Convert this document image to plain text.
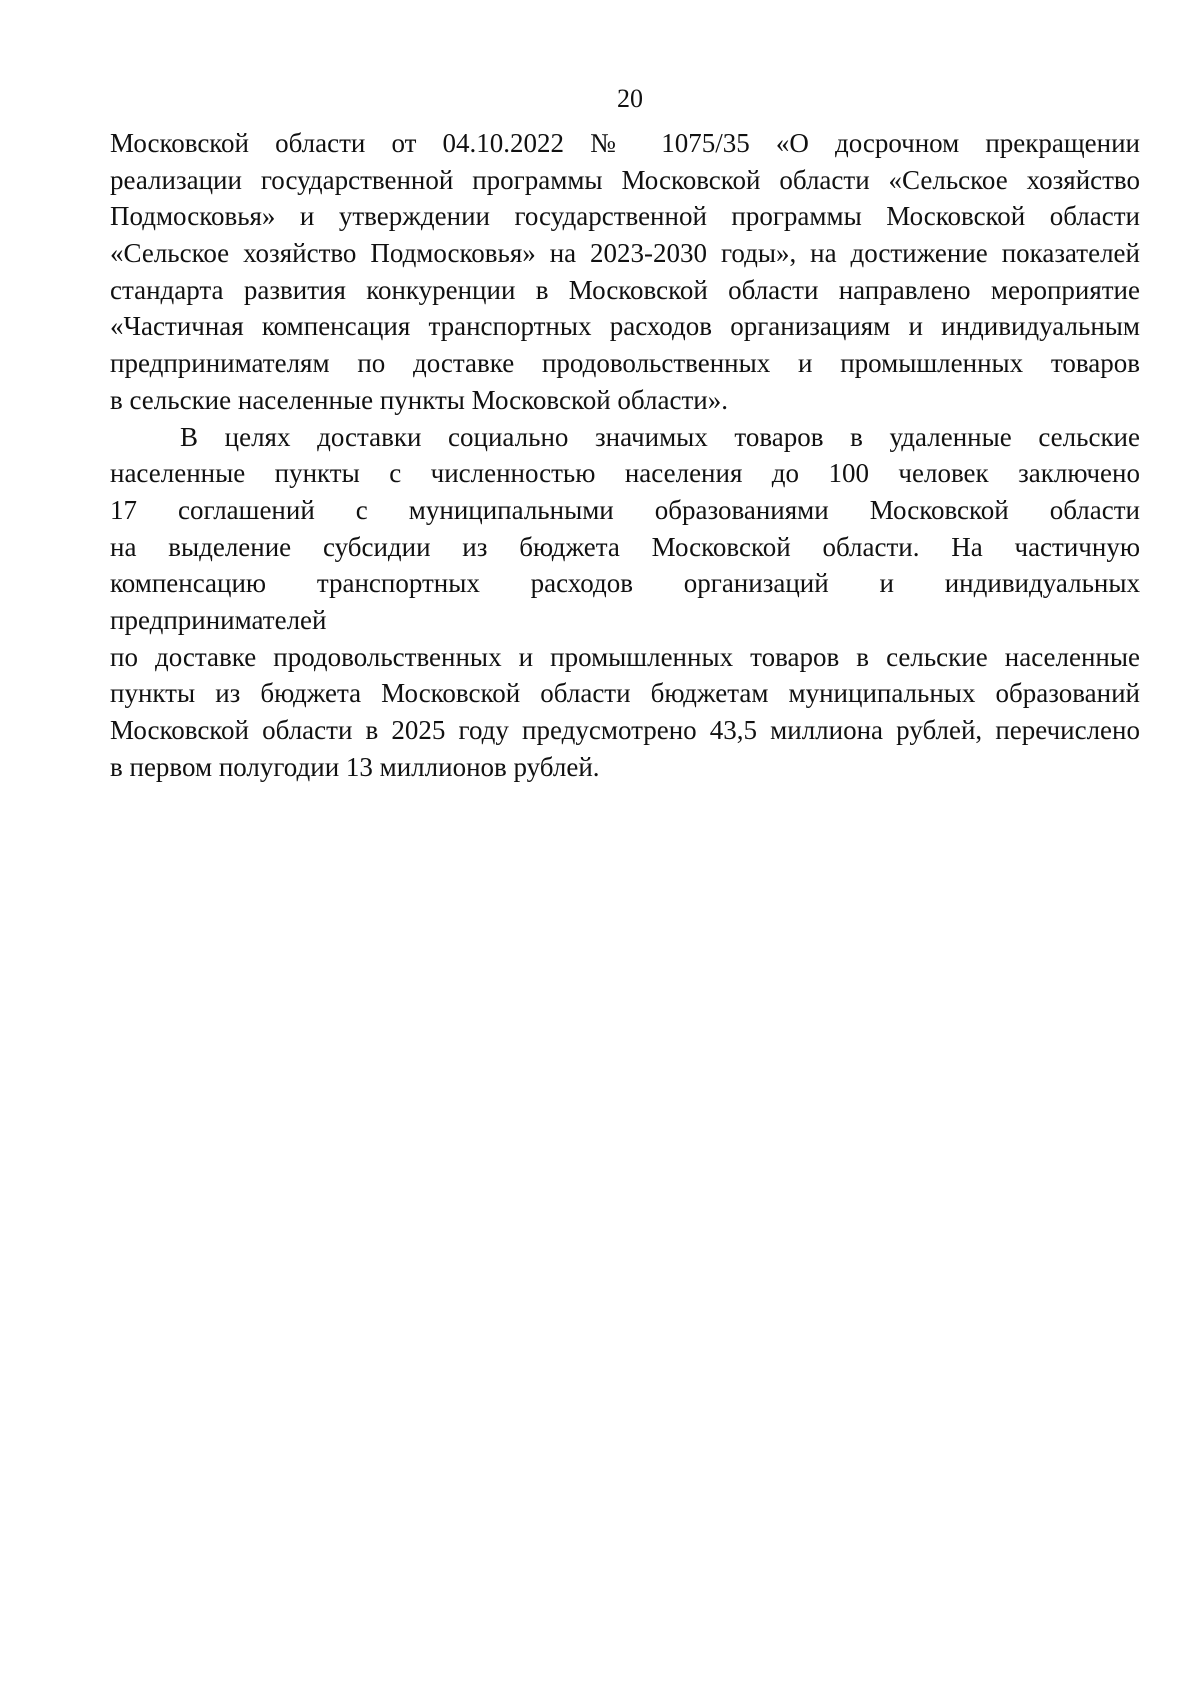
20
Московской области от 04.10.2022 № 1075/35 «О досрочном прекращении
реализации государственной программы Московской области «Сельское хозяйство
Подмосковья» и утверждении государственной программы Московской области
«Сельское хозяйство Подмосковья» на 2023-2030 годы», на достижение показателей
стандарта развития конкуренции в Московской области направлено мероприятие
«Частичная компенсация транспортных расходов организациям и индивидуальным
предпринимателям по доставке продовольственных и промышленных товаров
в сельские населенные пункты Московской области».
В целях доставки социально значимых товаров в удаленные сельские
населенные пункты с численностью населения до 100 человек заключено
17 соглашений с муниципальными образованиями Московской области
на выделение субсидии из бюджета Московской области. На частичную
компенсацию транспортных расходов организаций и индивидуальных
предпринимателей
по доставке продовольственных и промышленных товаров в сельские населенные
пункты из бюджета Московской области бюджетам муниципальных образований
Московской области в 2025 году предусмотрено 43,5 миллиона рублей, перечислено
в первом полугодии 13 миллионов рублей.
